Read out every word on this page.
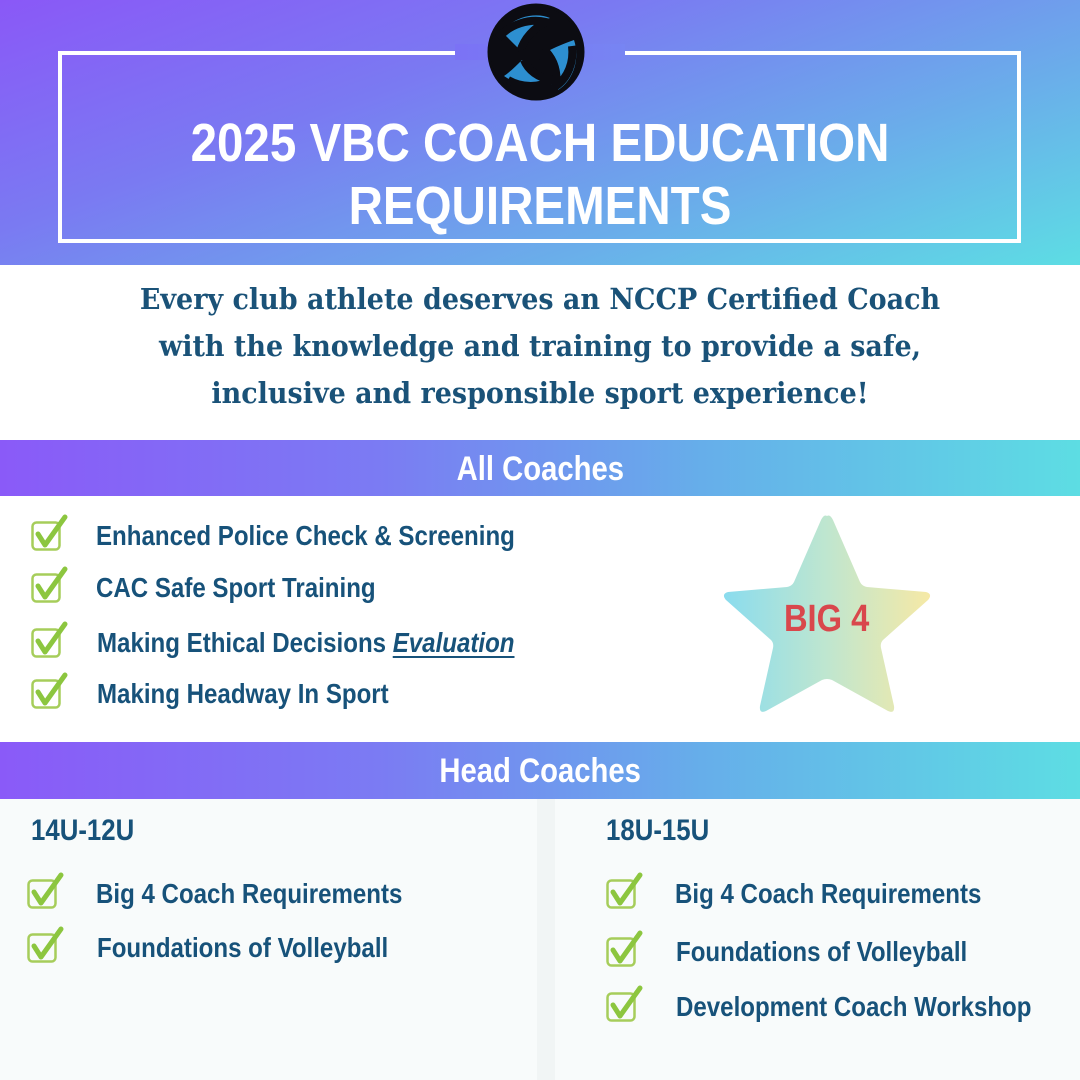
2025 VBC COACH EDUCATION
REQUIREMENTS
Every club athlete deserves an NCCP Certified Coach
with the knowledge and training to provide a safe,
inclusive and responsible sport experience!
All Coaches
Enhanced Police Check & Screening
CAC Safe Sport Training
Making Ethical Decisions Evaluation
Making Headway In Sport
BIG 4
Head Coaches
14U-12U
Big 4 Coach Requirements
Foundations of Volleyball
18U-15U
Big 4 Coach Requirements
Foundations of Volleyball
Development Coach Workshop
